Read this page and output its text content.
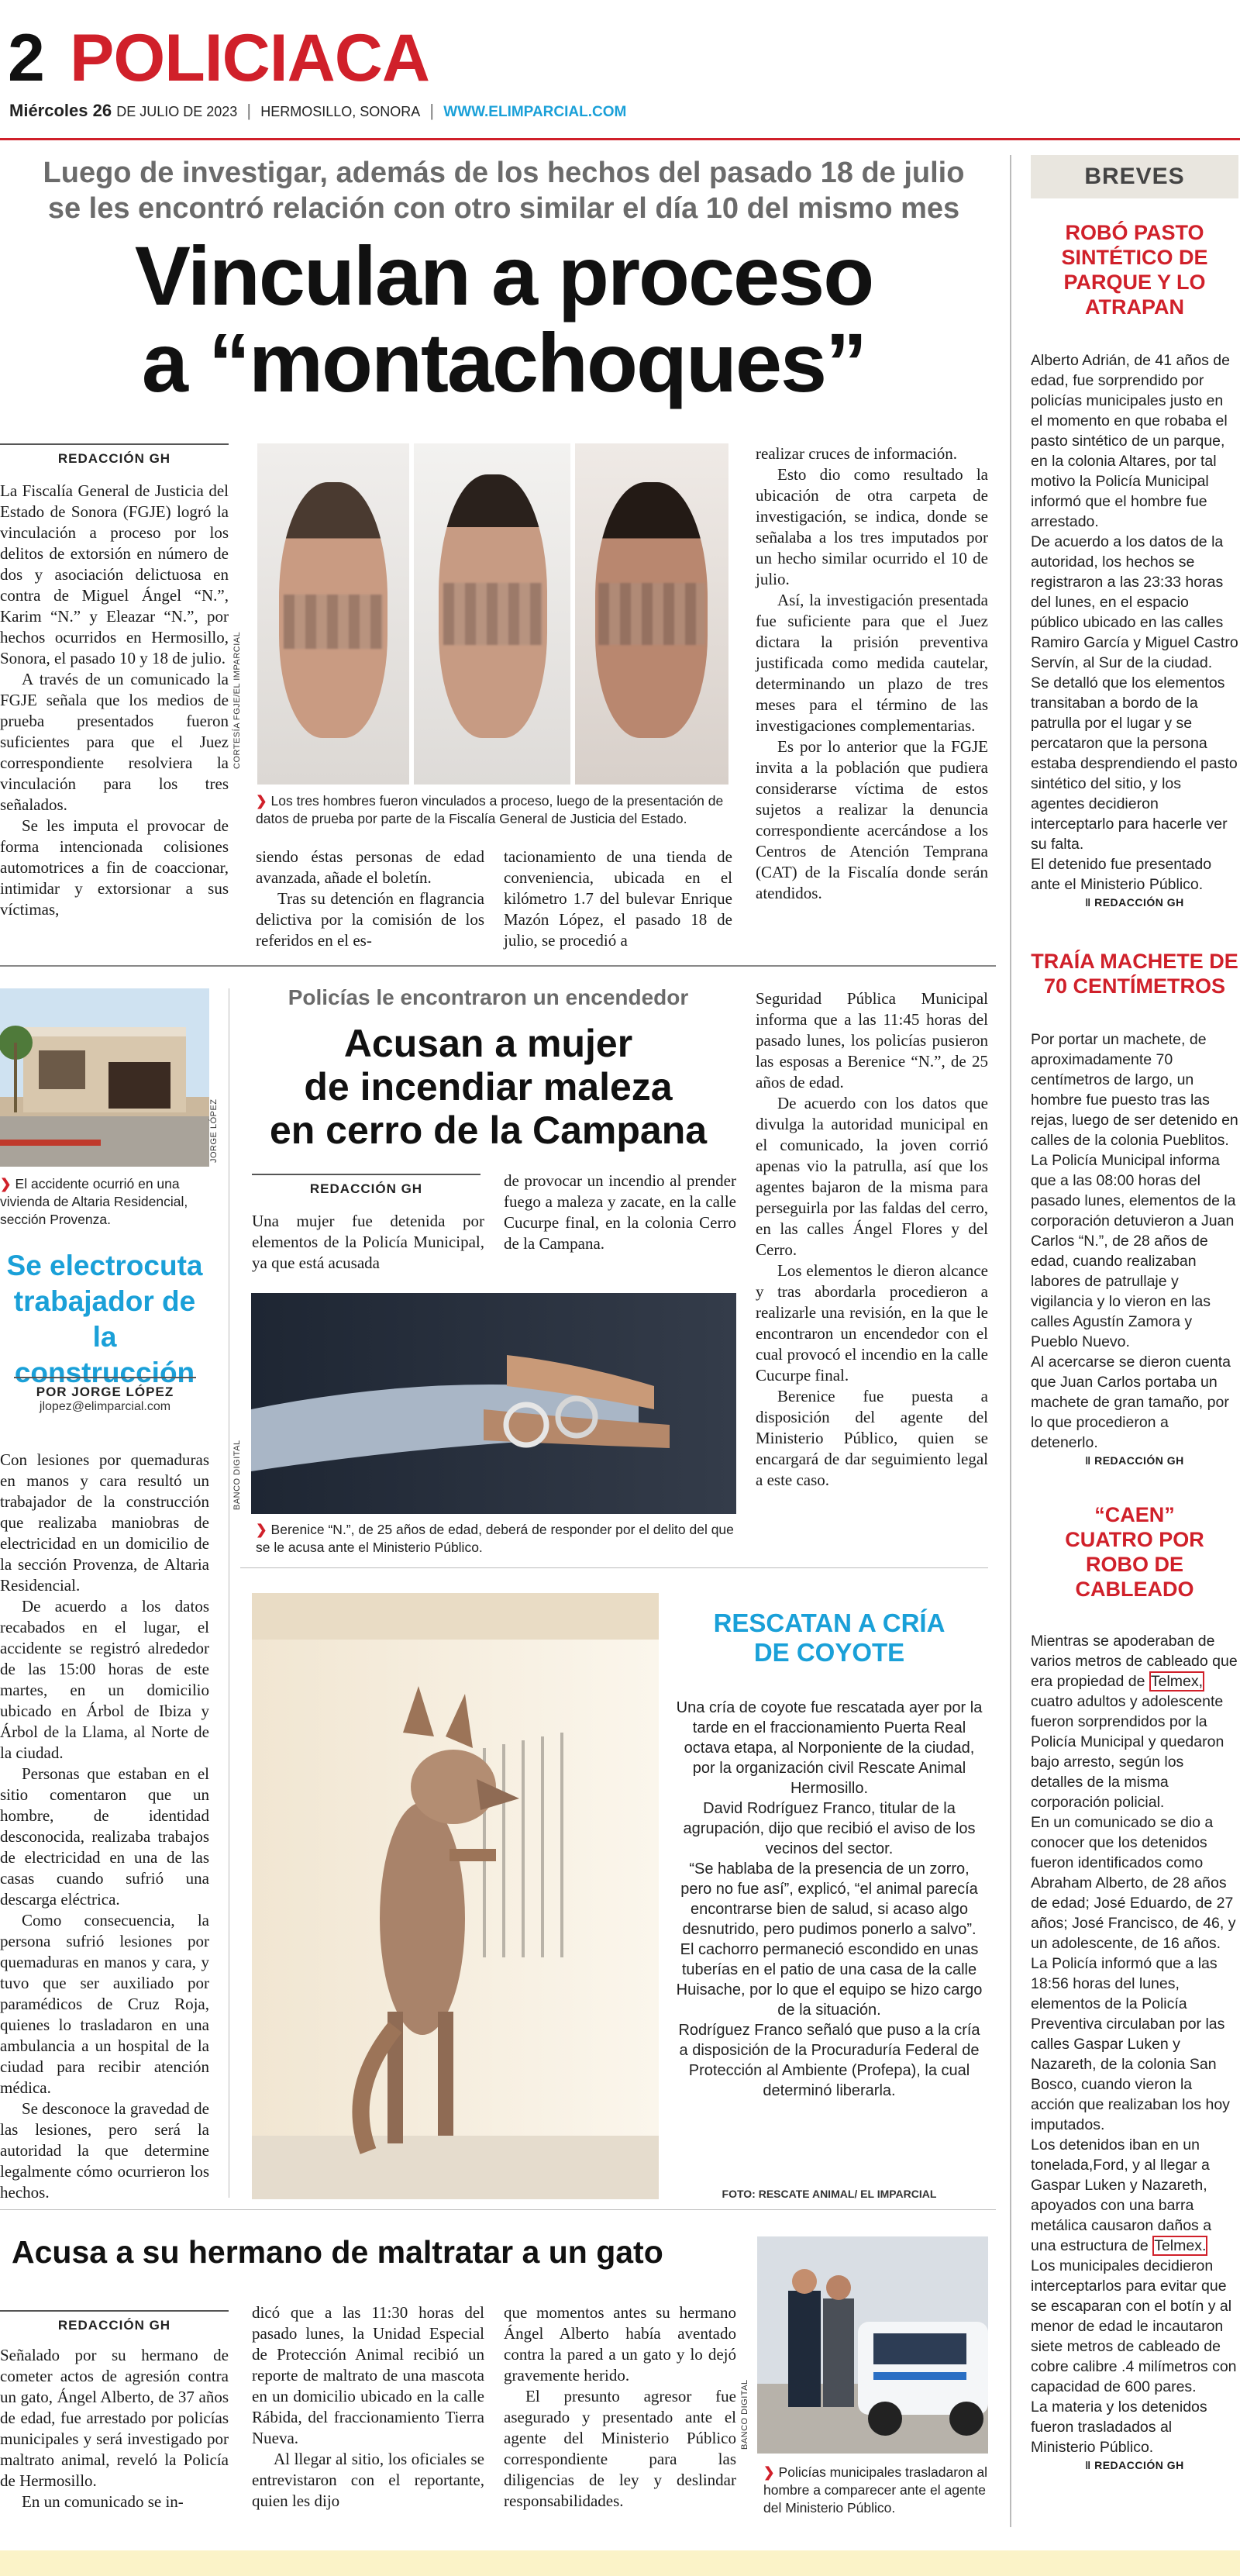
2 POLICIACA
Miércoles 26 DE JULIO DE 2023 | HERMOSILLO, SONORA | WWW.ELIMPARCIAL.COM
Luego de investigar, además de los hechos del pasado 18 de julio
se les encontró relación con otro similar el día 10 del mismo mes
Vinculan a proceso
a “montachoques”
REDACCIÓN GH

La Fiscalía General de Justicia del Estado de Sonora (FGJE) logró la vinculación a proceso por los delitos de extorsión en número de dos y asociación delictuosa en contra de Miguel Ángel “N.”, Karim “N.” y Eleazar “N.”, por hechos ocurridos en Hermosillo, Sonora, el pasado 10 y 18 de julio.

A través de un comunicado la FGJE señala que los medios de prueba presentados fueron suficientes para que el Juez correspondiente resolviera la vinculación para los tres señalados.

Se les imputa el provocar de forma intencionada colisiones automotrices a fin de coaccionar, intimidar y extorsionar a sus víctimas,

CORTESÍA FGJE/EL IMPARCIAL
❯ Los tres hombres fueron vinculados a proceso, luego de la presentación de datos de prueba por parte de la Fiscalía General de Justicia del Estado.

siendo éstas personas de edad avanzada, añade el boletín.

Tras su detención en flagrancia delictiva por la comisión de los referidos en el es-

tacionamiento de una tienda de conveniencia, ubicada en el kilómetro 1.7 del bulevar Enrique Mazón López, el pasado 18 de julio, se procedió a

realizar cruces de información.

Esto dio como resultado la ubicación de otra carpeta de investigación, se indica, donde se señalaba a los tres imputados por un hecho similar ocurrido el 10 de julio.

Así, la investigación presentada fue suficiente para que el Juez dictara la prisión preventiva justificada como medida cautelar, determinando un plazo de tres meses para el término de las investigaciones complementarias.

Es por lo anterior que la FGJE invita a la población que pudiera considerarse víctima de estos sujetos a realizar la denuncia correspondiente acercándose a los Centros de Atención Temprana (CAT) de la Fiscalía donde serán atendidos.

BREVES
ROBÓ PASTO SINTÉTICO DE PARQUE Y LO ATRAPAN

Alberto Adrián, de 41 años de edad, fue sorprendido por policías municipales justo en el momento en que robaba el pasto sintético de un parque, en la colonia Altares, por tal motivo la Policía Municipal informó que el hombre fue arrestado.

De acuerdo a los datos de la autoridad, los hechos se registraron a las 23:33 horas del lunes, en el espacio público ubicado en las calles Ramiro García y Miguel Castro Servín, al Sur de la ciudad.

Se detalló que los elementos transitaban a bordo de la patrulla por el lugar y se percataron que la persona estaba desprendiendo el pasto sintético del sitio, y los agentes decidieron interceptarlo para hacerle ver su falta.

El detenido fue presentado ante el Ministerio Público.

‖ REDACCIÓN GH
TRAÍA MACHETE DE 70 CENTÍMETROS

Por portar un machete, de aproximadamente 70 centímetros de largo, un hombre fue puesto tras las rejas, luego de ser detenido en calles de la colonia Pueblitos.

La Policía Municipal informa que a las 08:00 horas del pasado lunes, elementos de la corporación detuvieron a Juan Carlos “N.”, de 28 años de edad, cuando realizaban labores de patrullaje y vigilancia y lo vieron en las calles Agustín Zamora y Pueblo Nuevo.

Al acercarse se dieron cuenta que Juan Carlos portaba un machete de gran tamaño, por lo que procedieron a detenerlo.

‖ REDACCIÓN GH
“CAEN” CUATRO POR ROBO DE CABLEADO

Mientras se apoderaban de varios metros de cableado que era propiedad de Telmex, cuatro adultos y adolescente fueron sorprendidos por la Policía Municipal y quedaron bajo arresto, según los detalles de la misma corporación policial.

En un comunicado se dio a conocer que los detenidos fueron identificados como Abraham Alberto, de 28 años de edad; José Eduardo, de 27 años; José Francisco, de 46, y un adolescente, de 16 años.

La Policía informó que a las 18:56 horas del lunes, elementos de la Policía Preventiva circulaban por las calles Gaspar Luken y Nazareth, de la colonia San Bosco, cuando vieron la acción que realizaban los hoy imputados.

Los detenidos iban en un tonelada,Ford, y al llegar a Gaspar Luken y Nazareth, apoyados con una barra metálica causaron daños a una estructura de Telmex.

Los municipales decidieron interceptarlos para evitar que se escaparan con el botín y al menor de edad le incautaron siete metros de cableado de cobre calibre .4 milímetros con capacidad de 600 pares.

La materia y los detenidos fueron trasladados al Ministerio Público.

‖ REDACCIÓN GH
JORGE LÓPEZ
❯ El accidente ocurrió en una vivienda de Altaria Residencial, sección Provenza.
Se electrocuta trabajador de la construcción
POR JORGE LÓPEZ
jlopez@elimparcial.com

Con lesiones por quemaduras en manos y cara resultó un trabajador de la construcción que realizaba maniobras de electricidad en un domicilio de la sección Provenza, de Altaria Residencial.

De acuerdo a los datos recabados en el lugar, el accidente se registró alrededor de las 15:00 horas de este martes, en un domicilio ubicado en Árbol de Ibiza y Árbol de la Llama, al Norte de la ciudad.

Personas que estaban en el sitio comentaron que un hombre, de identidad desconocida, realizaba trabajos de electricidad en una de las casas cuando sufrió una descarga eléctrica.

Como consecuencia, la persona sufrió lesiones por quemaduras en manos y cara, y tuvo que ser auxiliado por paramédicos de Cruz Roja, quienes lo trasladaron en una ambulancia a un hospital de la ciudad para recibir atención médica.

Se desconoce la gravedad de las lesiones, pero será la autoridad la que determine legalmente cómo ocurrieron los hechos.

Policías le encontraron un encendedor
Acusan a mujer
de incendiar maleza
en cerro de la Campana
REDACCIÓN GH

Una mujer fue detenida por elementos de la Policía Municipal, ya que está acusada

de provocar un incendio al prender fuego a maleza y zacate, en la calle Cucurpe final, en la colonia Cerro de la Campana.

BANCO DIGITAL
❯ Berenice “N.”, de 25 años de edad, deberá de responder por el delito del que se le acusa ante el Ministerio Público.

Seguridad Pública Municipal informa que a las 11:45 horas del pasado lunes, los policías pusieron las esposas a Berenice “N.”, de 25 años de edad.

De acuerdo con los datos que divulga la autoridad municipal en el comunicado, la joven corrió apenas vio la patrulla, así que los agentes bajaron de la misma para perseguirla por las faldas del cerro, en las calles Ángel Flores y del Cerro.

Los elementos le dieron alcance y tras abordarla procedieron a realizarle una revisión, en la que le encontraron un encendedor con el cual provocó el incendio en la calle Cucurpe final.

Berenice fue puesta a disposición del agente del Ministerio Público, quien se encargará de dar seguimiento legal a este caso.

RESCATAN A CRÍA
DE COYOTE

Una cría de coyote fue rescatada ayer por la tarde en el fraccionamiento Puerta Real octava etapa, al Norponiente de la ciudad, por la organización civil Rescate Animal Hermosillo.

David Rodríguez Franco, titular de la agrupación, dijo que recibió el aviso de los vecinos del sector.

“Se hablaba de la presencia de un zorro, pero no fue así”, explicó, “el animal parecía encontrarse bien de salud, si acaso algo desnutrido, pero pudimos ponerlo a salvo”.

El cachorro permaneció escondido en unas tuberías en el patio de una casa de la calle Huisache, por lo que el equipo se hizo cargo de la situación.

Rodríguez Franco señaló que puso a la cría a disposición de la Procuraduría Federal de Protección al Ambiente (Profepa), la cual determinó liberarla.

FOTO: RESCATE ANIMAL/ EL IMPARCIAL
Acusa a su hermano de maltratar a un gato
REDACCIÓN GH

Señalado por su hermano de cometer actos de agresión contra un gato, Ángel Alberto, de 37 años de edad, fue arrestado por policías municipales y será investigado por maltrato animal, reveló la Policía de Hermosillo.

En un comunicado se in-

dicó que a las 11:30 horas del pasado lunes, la Unidad Especial de Protección Animal recibió un reporte de maltrato de una mascota en un domicilio ubicado en la calle Rábida, del fraccionamiento Tierra Nueva.

Al llegar al sitio, los oficiales se entrevistaron con el reportante, quien les dijo

que momentos antes su hermano Ángel Alberto había aventado contra la pared a un gato y lo dejó gravemente herido.

El presunto agresor fue asegurado y presentado ante el agente del Ministerio Público correspondiente para las diligencias de ley y deslindar responsabilidades.

BANCO DIGITAL
❯ Policías municipales trasladaron al hombre a comparecer ante el agente del Ministerio Público.
